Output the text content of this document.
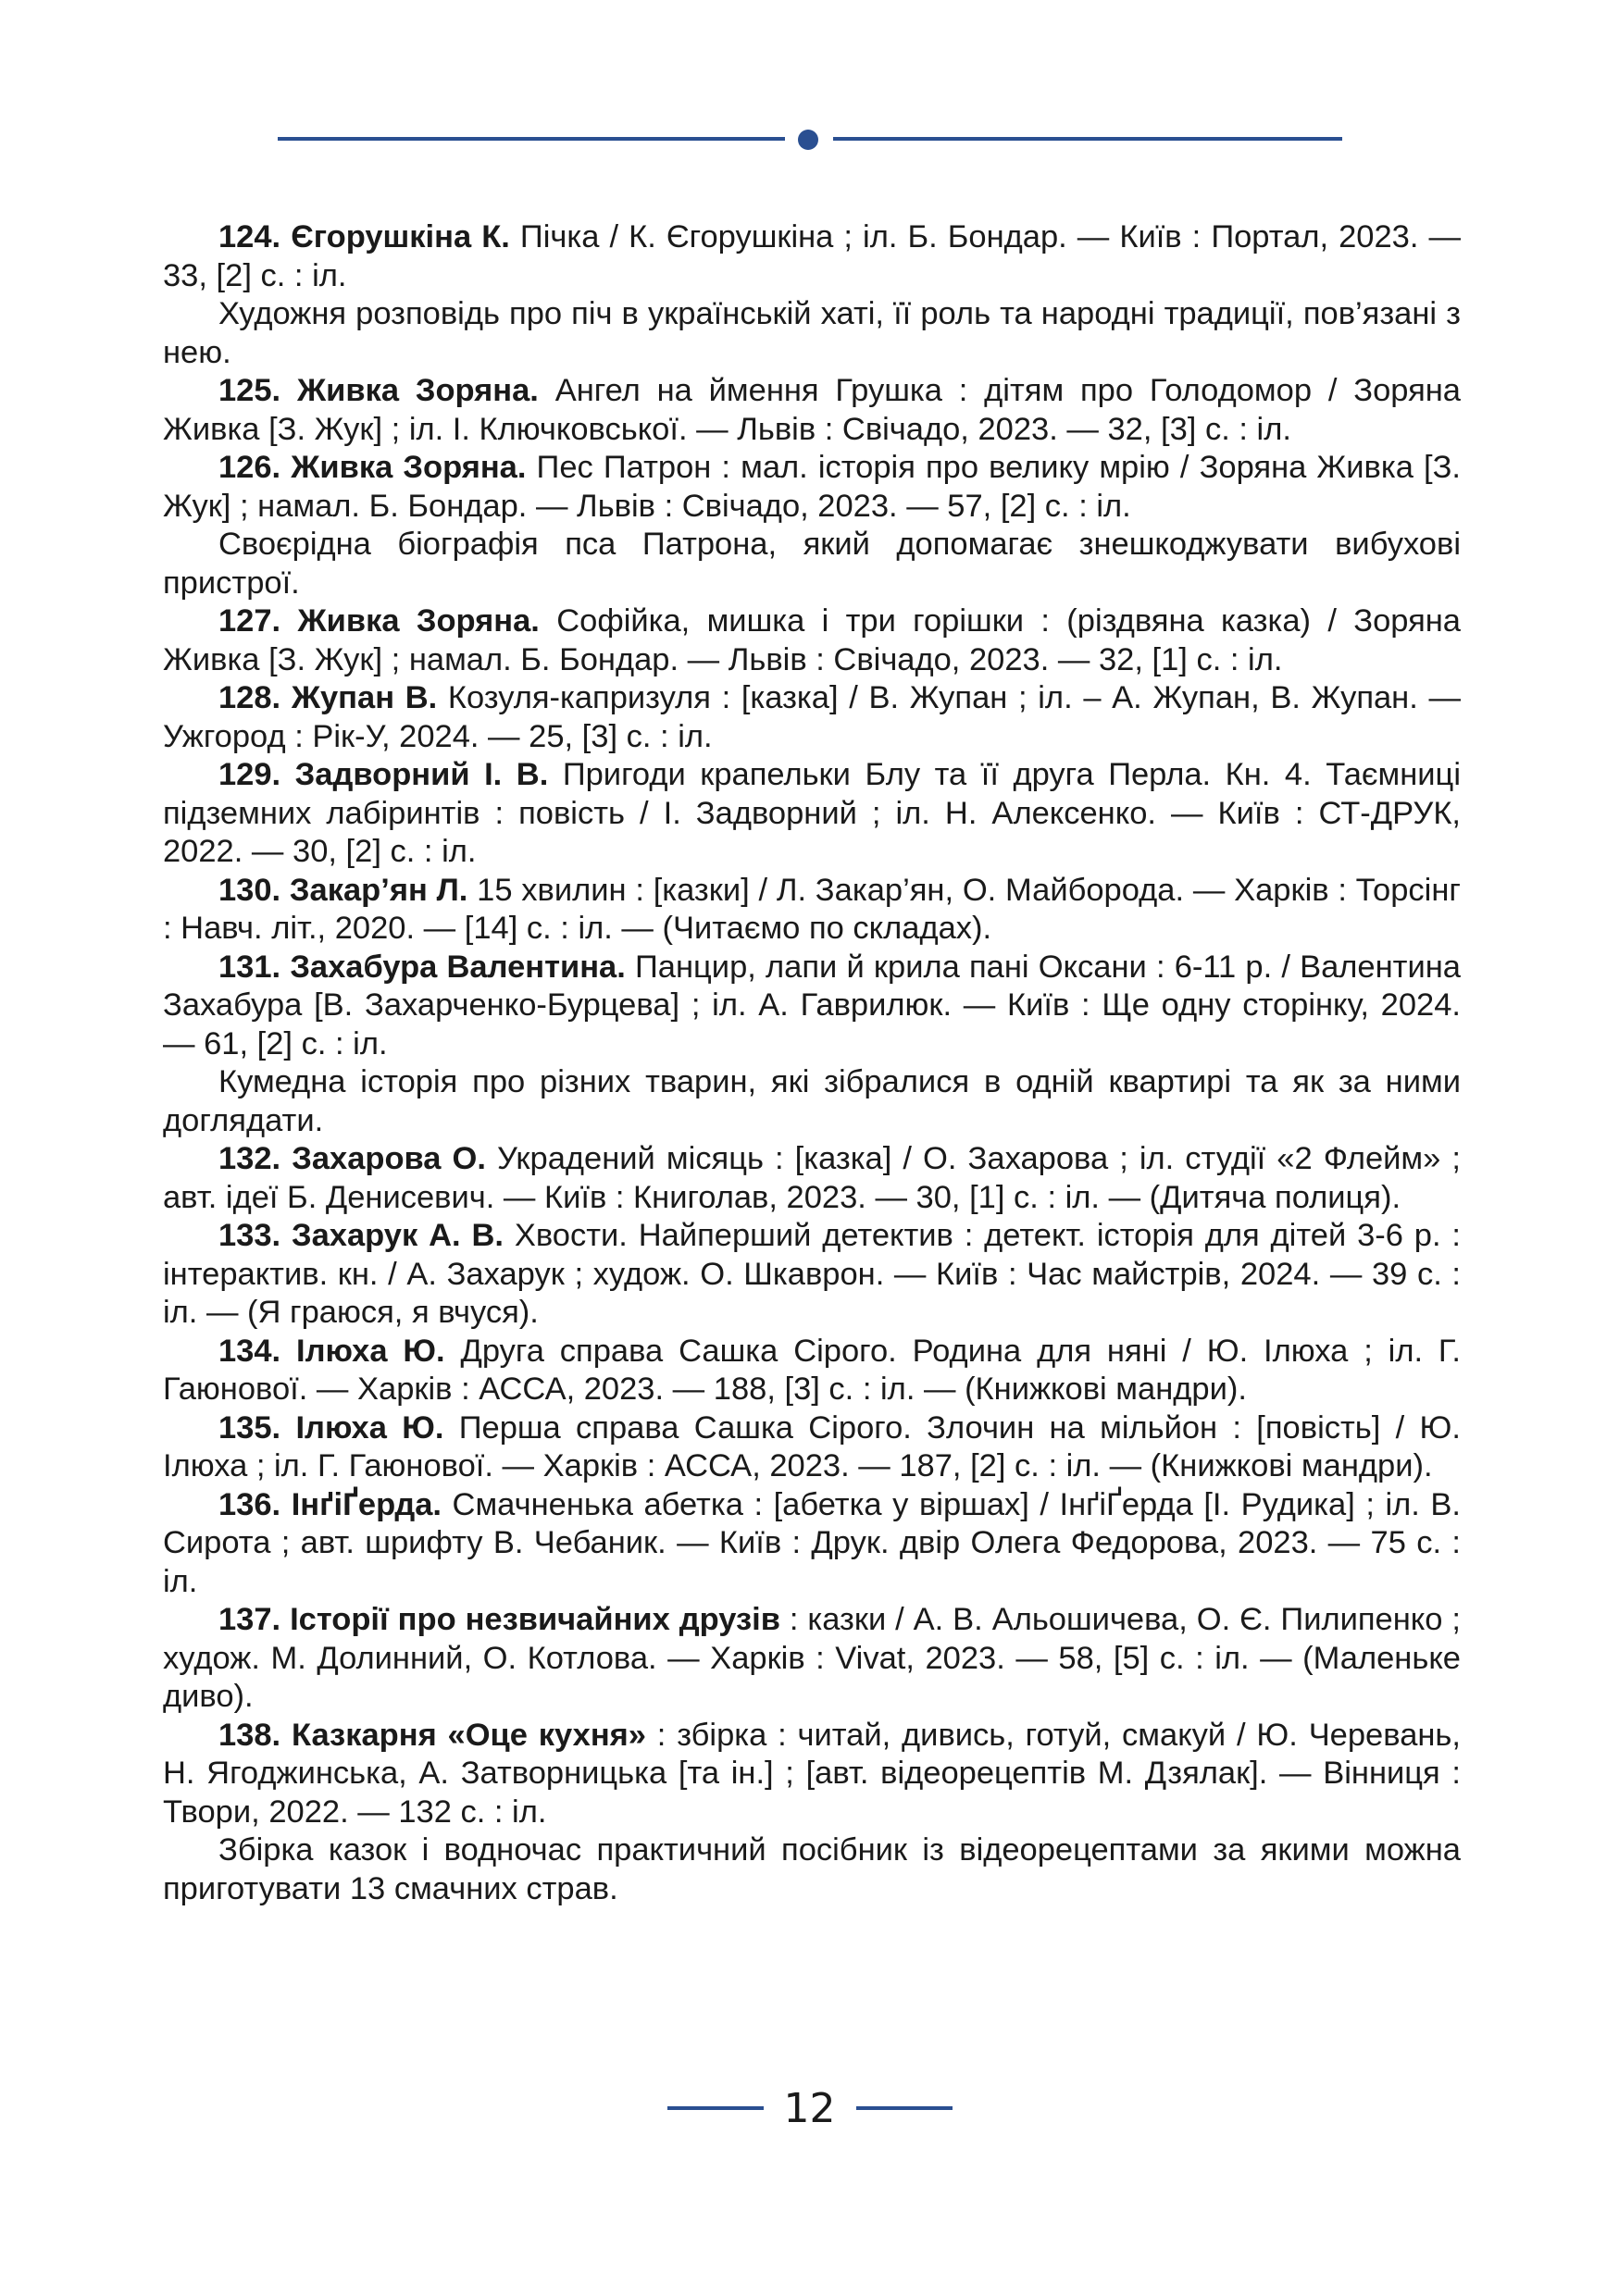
124. Єгорушкіна К. Пічка / К. Єгорушкіна ; іл. Б. Бондар. — Київ : Портал, 2023. — 33, [2] с. : іл.

Художня розповідь про піч в українській хаті, її роль та народні традиції, пов’язані з нею.

125. Живка Зоряна. Ангел на ймення Грушка : дітям про Голодомор / Зоряна Живка [З. Жук] ; іл. І. Ключковської. — Львів : Свічадо, 2023. — 32, [3] с. : іл.

126. Живка Зоряна. Пес Патрон : мал. історія про велику мрію / Зоряна Живка [З. Жук] ; намал. Б. Бондар. — Львів : Свічадо, 2023. — 57, [2] с. : іл.

Своєрідна біографія пса Патрона, який допомагає знешкоджувати вибухові пристрої.

127. Живка Зоряна. Софійка, мишка і три горішки : (різдвяна казка) / Зоряна Живка [З. Жук] ; намал. Б. Бондар. — Львів : Свічадо, 2023. — 32, [1] с. : іл.

128. Жупан В. Козуля-капризуля : [казка] / В. Жупан ; іл. – А. Жупан, В. Жупан. — Ужгород : Рік-У, 2024. — 25, [3] с. : іл.

129. Задворний І. В. Пригоди крапельки Блу та її друга Перла. Кн. 4. Таємниці підземних лабіринтів : повість / І. Задворний ; іл. Н. Алексенко. — Київ : СТ-ДРУК, 2022. — 30, [2] с. : іл.

130. Закар’ян Л. 15 хвилин : [казки] / Л. Закар’ян, О. Майборода. — Харків : Торсінг : Навч. літ., 2020. — [14] с. : іл. — (Читаємо по складах).

131. Захабура Валентина. Панцир, лапи й крила пані Оксани : 6-11 р. / Валентина Захабура [В. Захарченко-Бурцева] ; іл. А. Гаврилюк. — Київ : Ще одну сторінку, 2024. — 61, [2] с. : іл.

Кумедна історія про різних тварин, які зібралися в одній квартирі та як за ними доглядати.

132. Захарова О. Украдений місяць : [казка] / О. Захарова ; іл. студії «2 Флейм» ; авт. ідеї Б. Денисевич. — Київ : Книголав, 2023. — 30, [1] с. : іл. — (Дитяча полиця).

133. Захарук А. В. Хвости. Найперший детектив : детект. історія для дітей 3-6 р. : інтерактив. кн. / А. Захарук ; худож. О. Шкаврон. — Київ : Час майстрів, 2024. — 39 с. : іл. — (Я граюся, я вчуся).

134. Ілюха Ю. Друга справа Сашка Сірого. Родина для няні / Ю. Ілюха ; іл. Г. Гаюнової. — Харків : АССА, 2023. — 188, [3] с. : іл. — (Книжкові мандри).

135. Ілюха Ю. Перша справа Сашка Сірого. Злочин на мільйон : [повість] / Ю. Ілюха ; іл. Г. Гаюнової. — Харків : АССА, 2023. — 187, [2] с. : іл. — (Книжкові мандри).

136. ІнґіҐерда. Смачненька абетка : [абетка у віршах] / ІнґіҐерда [І. Рудика] ; іл. В. Сирота ; авт. шрифту В. Чебаник. — Київ : Друк. двір Олега Федорова, 2023. — 75 с. : іл.

137. Історії про незвичайних друзів : казки / А. В. Альошичева, О. Є. Пилипенко ; худож. М. Долинний, О. Котлова. — Харків : Vivat, 2023. — 58, [5] с. : іл. — (Маленьке диво).

138. Казкарня «Оце кухня» : збірка : читай, дивись, готуй, смакуй / Ю. Черевань, Н. Ягоджинська, А. Затворницька [та ін.] ; [авт. відеорецептів М. Дзялак]. — Вінниця : Твори, 2022. — 132 с. : іл.

Збірка казок і водночас практичний посібник із відеорецептами за якими можна приготувати 13 смачних страв.

12
